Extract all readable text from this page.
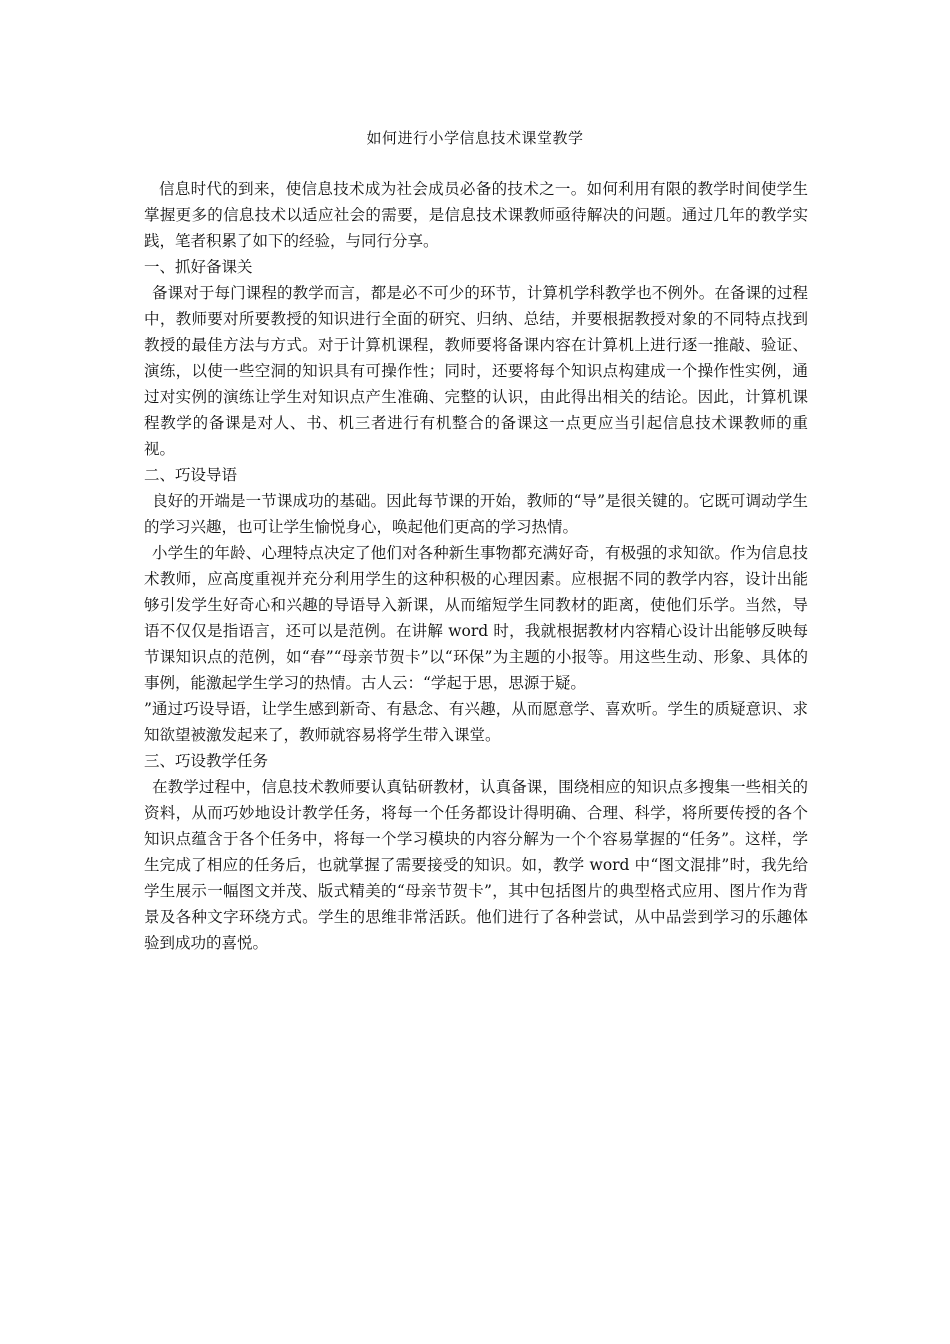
如何进行小学信息技术课堂教学

信息时代的到来，使信息技术成为社会成员必备的技术之一。如何利用有限的教学时间使学生掌握更多的信息技术以适应社会的需要，是信息技术课教师亟待解决的问题。通过几年的教学实践，笔者积累了如下的经验，与同行分享。

一、抓好备课关

备课对于每门课程的教学而言，都是必不可少的环节，计算机学科教学也不例外。在备课的过程中，教师要对所要教授的知识进行全面的研究、归纳、总结，并要根据教授对象的不同特点找到教授的最佳方法与方式。对于计算机课程，教师要将备课内容在计算机上进行逐一推敲、验证、演练，以使一些空洞的知识具有可操作性；同时，还要将每个知识点构建成一个操作性实例，通过对实例的演练让学生对知识点产生准确、完整的认识，由此得出相关的结论。因此，计算机课程教学的备课是对人、书、机三者进行有机整合的备课这一点更应当引起信息技术课教师的重视。

二、巧设导语

良好的开端是一节课成功的基础。因此每节课的开始，教师的“导”是很关键的。它既可调动学生的学习兴趣，也可让学生愉悦身心，唤起他们更高的学习热情。

小学生的年龄、心理特点决定了他们对各种新生事物都充满好奇，有极强的求知欲。作为信息技术教师，应高度重视并充分利用学生的这种积极的心理因素。应根据不同的教学内容，设计出能够引发学生好奇心和兴趣的导语导入新课，从而缩短学生同教材的距离，使他们乐学。当然，导语不仅仅是指语言，还可以是范例。在讲解 word 时，我就根据教材内容精心设计出能够反映每节课知识点的范例，如“春”“母亲节贺卡”以“环保”为主题的小报等。用这些生动、形象、具体的事例，能激起学生学习的热情。古人云：“学起于思，思源于疑。

”通过巧设导语，让学生感到新奇、有悬念、有兴趣，从而愿意学、喜欢听。学生的质疑意识、求知欲望被激发起来了，教师就容易将学生带入课堂。

三、巧设教学任务

在教学过程中，信息技术教师要认真钻研教材，认真备课，围绕相应的知识点多搜集一些相关的资料，从而巧妙地设计教学任务，将每一个任务都设计得明确、合理、科学，将所要传授的各个知识点蕴含于各个任务中，将每一个学习模块的内容分解为一个个容易掌握的“任务”。这样，学生完成了相应的任务后，也就掌握了需要接受的知识。如，教学 word 中“图文混排”时，我先给学生展示一幅图文并茂、版式精美的“母亲节贺卡”，其中包括图片的典型格式应用、图片作为背景及各种文字环绕方式。学生的思维非常活跃。他们进行了各种尝试，从中品尝到学习的乐趣体验到成功的喜悦。
